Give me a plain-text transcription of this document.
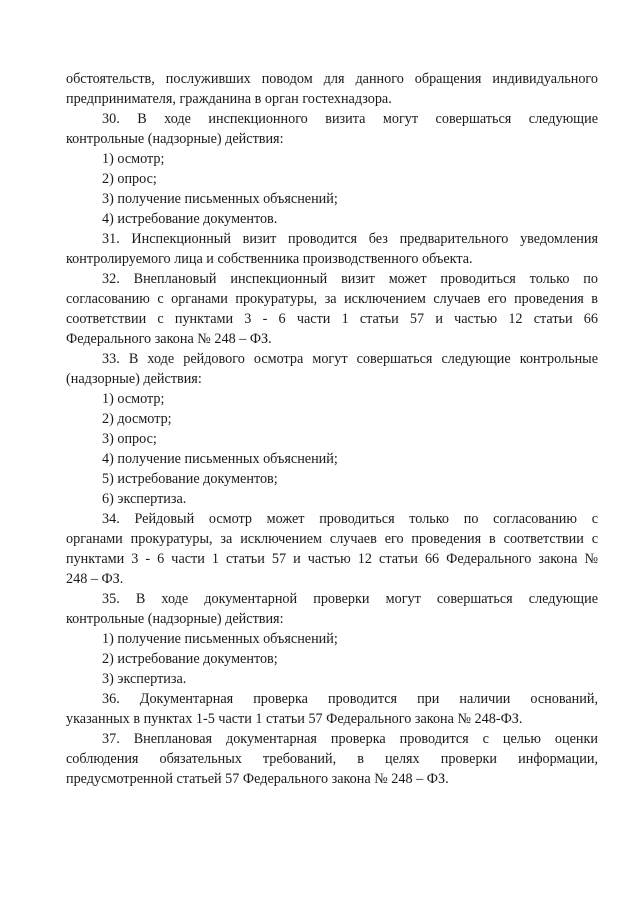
обстоятельств, послуживших поводом для данного обращения индивидуального
предпринимателя, гражданина в орган гостехнадзора.
30. В ходе инспекционного визита могут совершаться следующие
контрольные (надзорные) действия:
1) осмотр;
2) опрос;
3) получение письменных объяснений;
4) истребование документов.
31. Инспекционный визит проводится без предварительного уведомления
контролируемого лица и собственника производственного объекта.
32. Внеплановый инспекционный визит может проводиться только по
согласованию с органами прокуратуры, за исключением случаев его проведения в
соответствии с пунктами 3 - 6 части 1 статьи 57 и частью 12 статьи 66
Федерального закона № 248 – ФЗ.
33. В ходе рейдового осмотра могут совершаться следующие контрольные
(надзорные) действия:
1) осмотр;
2) досмотр;
3) опрос;
4) получение письменных объяснений;
5) истребование документов;
6) экспертиза.
34. Рейдовый осмотр может проводиться только по согласованию с
органами прокуратуры, за исключением случаев его проведения в соответствии с
пунктами 3 - 6 части 1 статьи 57 и частью 12 статьи 66 Федерального закона №
248 – ФЗ.
35. В ходе документарной проверки могут совершаться следующие
контрольные (надзорные) действия:
1) получение письменных объяснений;
2) истребование документов;
3) экспертиза.
36. Документарная проверка проводится при наличии оснований,
указанных в пунктах 1-5 части 1 статьи 57 Федерального закона № 248-ФЗ.
37. Внеплановая документарная проверка проводится с целью оценки
соблюдения обязательных требований, в целях проверки информации,
предусмотренной статьей 57 Федерального закона № 248 – ФЗ.
